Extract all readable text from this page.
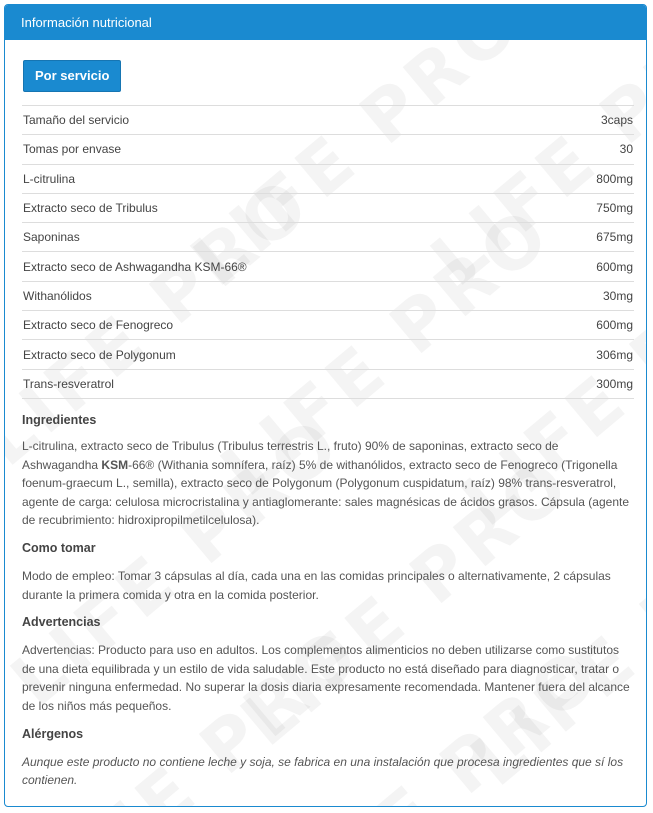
Información nutricional
Por servicio
Tamaño del servicio	3caps
Tomas por envase	30
L-citrulina	800mg
Extracto seco de Tribulus	750mg
Saponinas	675mg
Extracto seco de Ashwagandha KSM-66®	600mg
Withanólidos	30mg
Extracto seco de Fenogreco	600mg
Extracto seco de Polygonum	306mg
Trans-resveratrol	300mg

Ingredientes

L-citrulina, extracto seco de Tribulus (Tribulus terrestris L., fruto) 90% de saponinas, extracto seco de Ashwagandha KSM-66® (Withania somnífera, raíz) 5% de withanólidos, extracto seco de Fenogreco (Trigonella foenum-graecum L., semilla), extracto seco de Polygonum (Polygonum cuspidatum, raíz) 98% trans-resveratrol, agente de carga: celulosa microcristalina y antiaglomerante: sales magnésicas de ácidos grasos. Cápsula (agente de recubrimiento: hidroxipropilmetilcelulosa).

Como tomar

Modo de empleo: Tomar 3 cápsulas al día, cada una en las comidas principales o alternativamente, 2 cápsulas durante la primera comida y otra en la comida posterior.

Advertencias

Advertencias: Producto para uso en adultos. Los complementos alimenticios no deben utilizarse como sustitutos de una dieta equilibrada y un estilo de vida saludable. Este producto no está diseñado para diagnosticar, tratar o prevenir ninguna enfermedad. No superar la dosis diaria expresamente recomendada. Mantener fuera del alcance de los niños más pequeños.

Alérgenos

Aunque este producto no contiene leche y soja, se fabrica en una instalación que procesa ingredientes que sí los contienen.
